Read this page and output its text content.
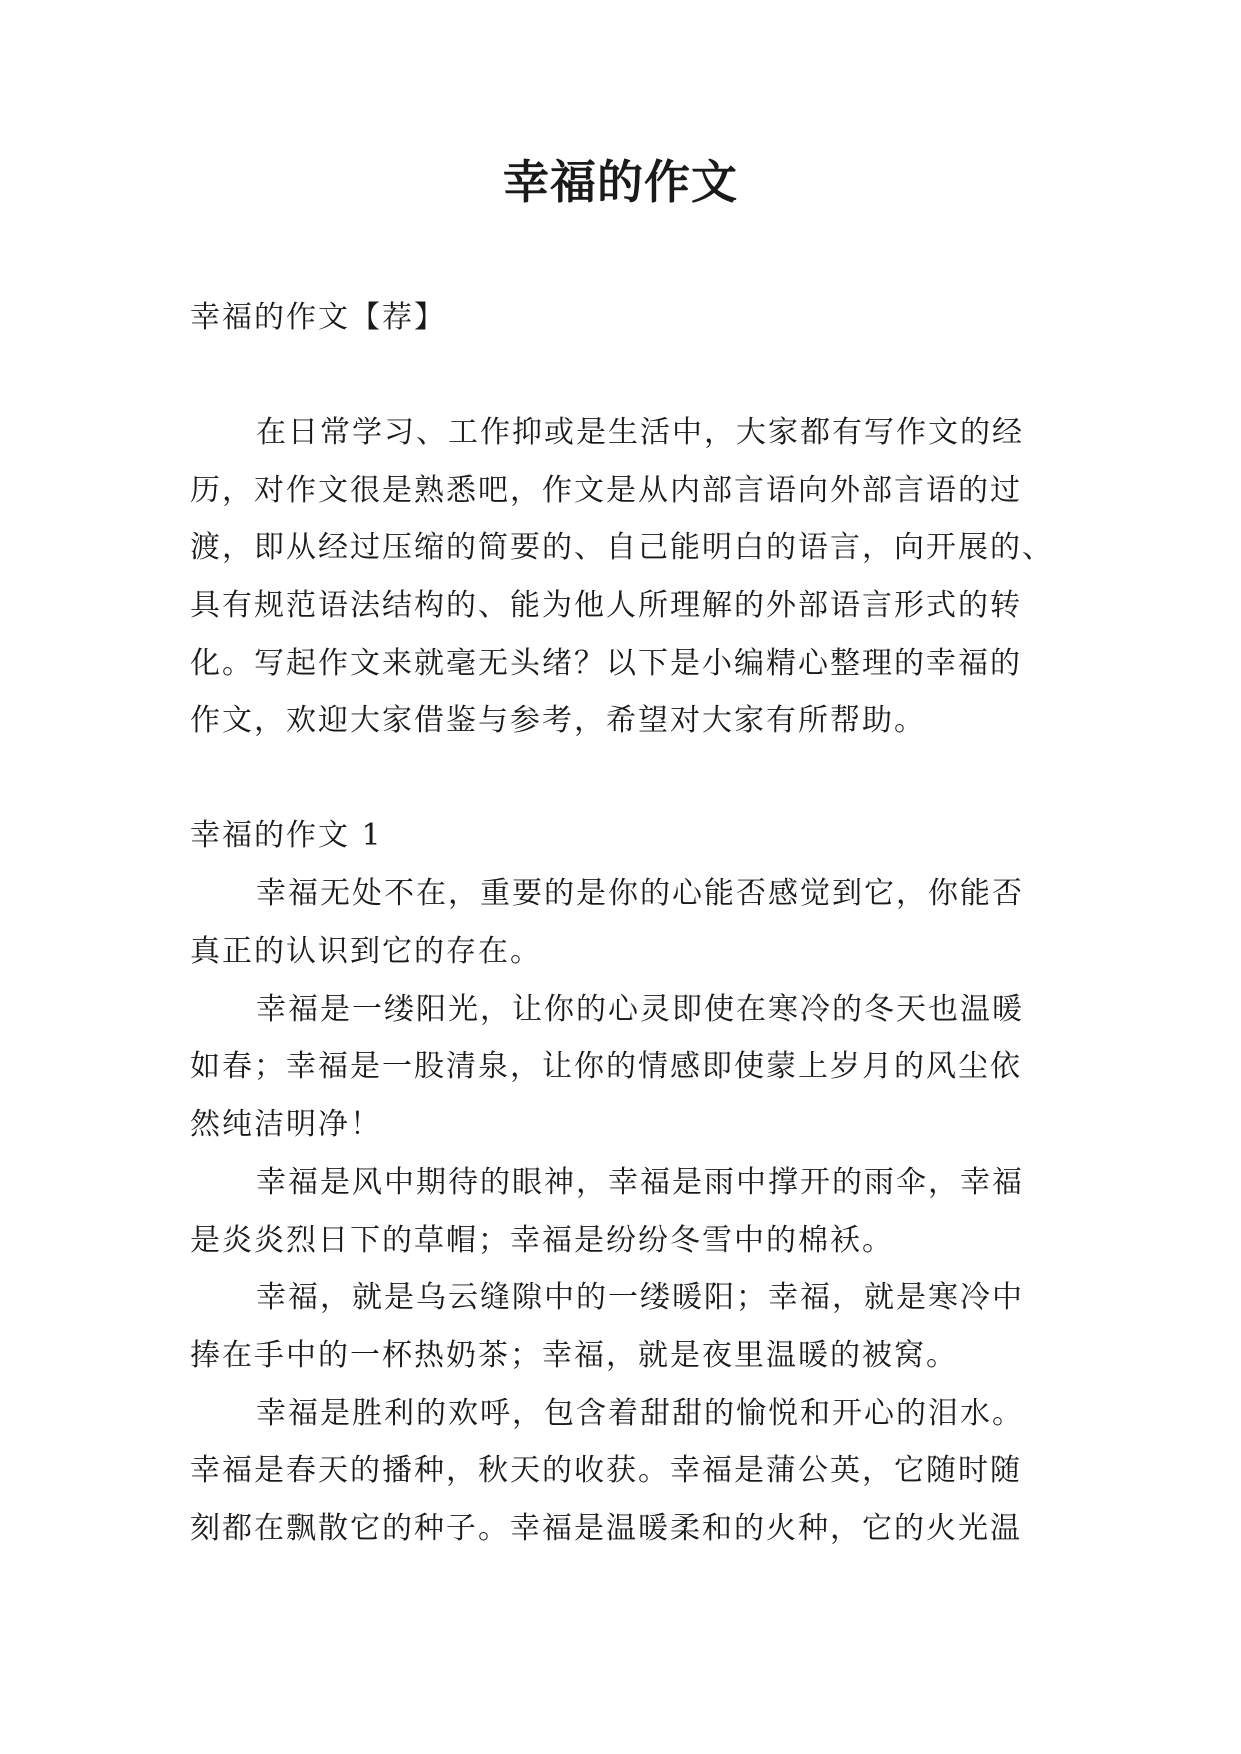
幸福的作文
幸福的作文【荐】
在日常学习、工作抑或是生活中，大家都有写作文的经
历，对作文很是熟悉吧，作文是从内部言语向外部言语的过
渡，即从经过压缩的简要的、自己能明白的语言，向开展的、
具有规范语法结构的、能为他人所理解的外部语言形式的转
化。写起作文来就毫无头绪？以下是小编精心整理的幸福的
作文，欢迎大家借鉴与参考，希望对大家有所帮助。
幸福的作文 1
幸福无处不在，重要的是你的心能否感觉到它，你能否
真正的认识到它的存在。
幸福是一缕阳光，让你的心灵即使在寒冷的冬天也温暖
如春；幸福是一股清泉，让你的情感即使蒙上岁月的风尘依
然纯洁明净！
幸福是风中期待的眼神，幸福是雨中撑开的雨伞，幸福
是炎炎烈日下的草帽；幸福是纷纷冬雪中的棉袄。
幸福，就是乌云缝隙中的一缕暖阳；幸福，就是寒冷中
捧在手中的一杯热奶茶；幸福，就是夜里温暖的被窝。
幸福是胜利的欢呼，包含着甜甜的愉悦和开心的泪水。
幸福是春天的播种，秋天的收获。幸福是蒲公英，它随时随
刻都在飘散它的种子。幸福是温暖柔和的火种，它的火光温
